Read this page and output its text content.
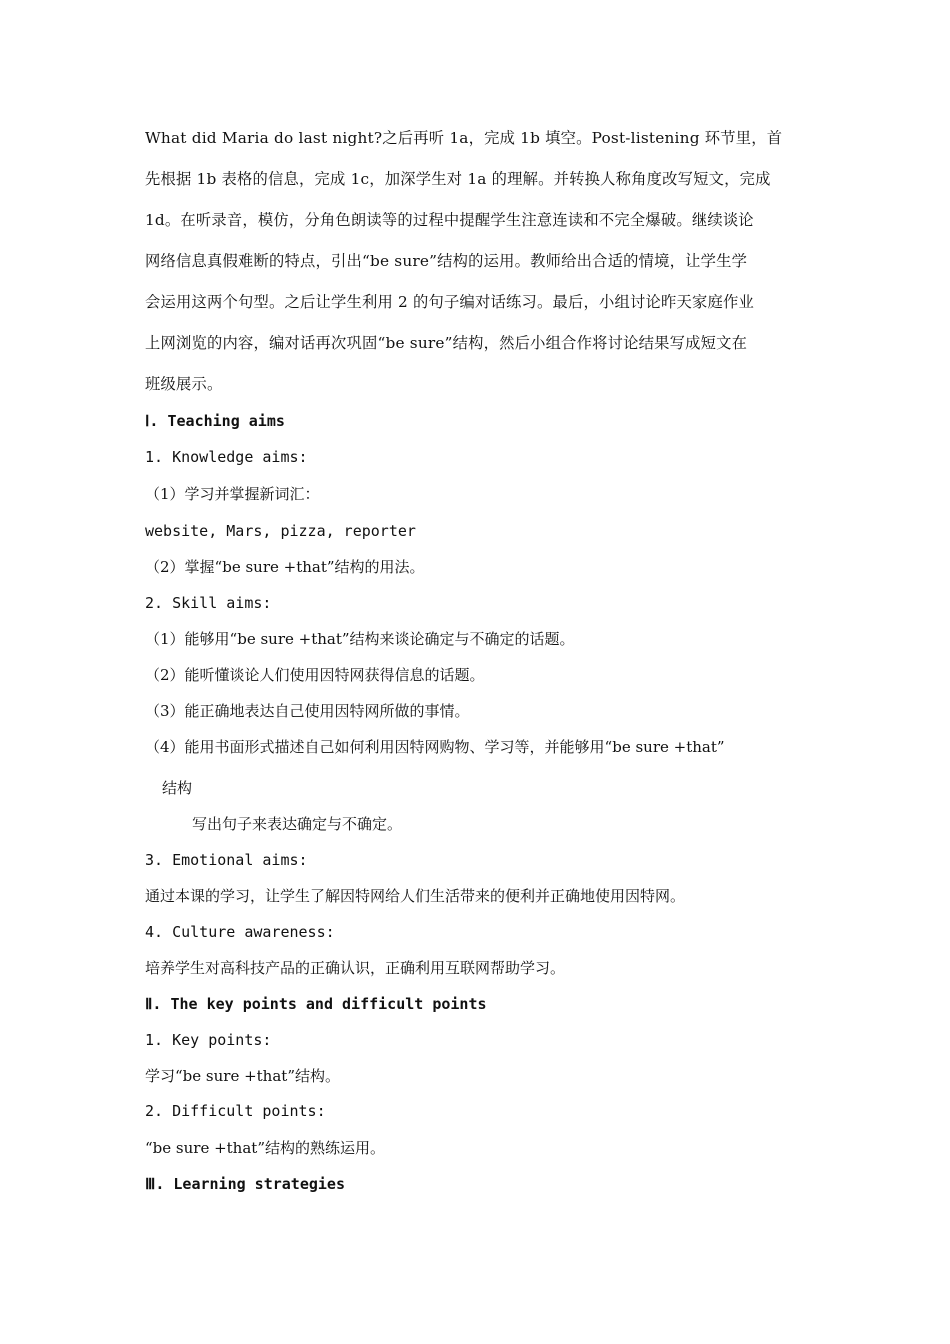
What did Maria do last night?之后再听 1a，完成 1b 填空。Post-listening 环节里，首
先根据 1b 表格的信息，完成 1c，加深学生对 1a 的理解。并转换人称角度改写短文，完成
1d。在听录音，模仿，分角色朗读等的过程中提醒学生注意连读和不完全爆破。继续谈论
网络信息真假难断的特点，引出“be sure”结构的运用。教师给出合适的情境，让学生学
会运用这两个句型。之后让学生利用 2 的句子编对话练习。最后，小组讨论昨天家庭作业
上网浏览的内容，编对话再次巩固“be sure”结构，然后小组合作将讨论结果写成短文在
班级展示。
Ⅰ. Teaching aims
1. Knowledge aims:
（1）学习并掌握新词汇：
website, Mars, pizza, reporter
（2）掌握“be sure +that”结构的用法。
2. Skill aims:
（1）能够用“be sure +that”结构来谈论确定与不确定的话题。
（2）能听懂谈论人们使用因特网获得信息的话题。
（3）能正确地表达自己使用因特网所做的事情。
（4）能用书面形式描述自己如何利用因特网购物、学习等，并能够用“be sure +that”
结构
写出句子来表达确定与不确定。
3. Emotional aims:
通过本课的学习，让学生了解因特网给人们生活带来的便利并正确地使用因特网。
4. Culture awareness:
培养学生对高科技产品的正确认识，正确利用互联网帮助学习。
Ⅱ. The key points and difficult points
1. Key points:
学习“be sure +that”结构。
2. Difficult points:
“be sure +that”结构的熟练运用。
Ⅲ. Learning strategies
